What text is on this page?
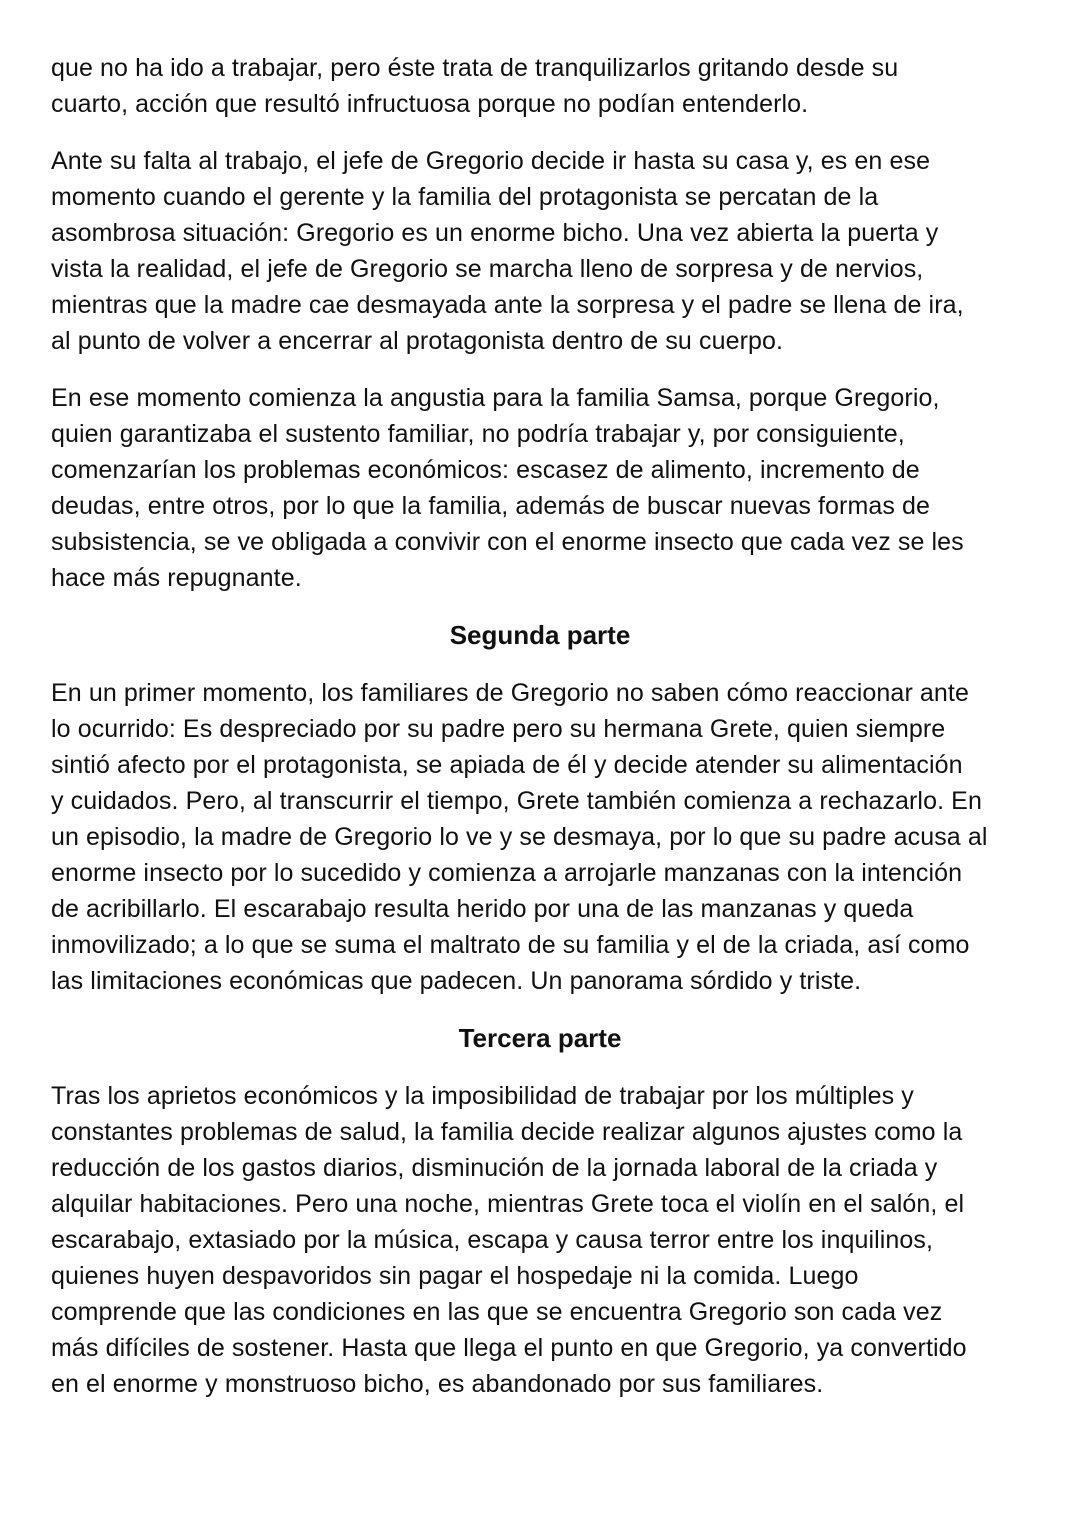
que no ha ido a trabajar, pero éste trata de tranquilizarlos gritando desde su
cuarto, acción que resultó infructuosa porque no podían entenderlo.

Ante su falta al trabajo, el jefe de Gregorio decide ir hasta su casa y, es en ese
momento cuando el gerente y la familia del protagonista se percatan de la
asombrosa situación: Gregorio es un enorme bicho. Una vez abierta la puerta y
vista la realidad, el jefe de Gregorio se marcha lleno de sorpresa y de nervios,
mientras que la madre cae desmayada ante la sorpresa y el padre se llena de ira,
al punto de volver a encerrar al protagonista dentro de su cuerpo.

En ese momento comienza la angustia para la familia Samsa, porque Gregorio,
quien garantizaba el sustento familiar, no podría trabajar y, por consiguiente,
comenzarían los problemas económicos: escasez de alimento, incremento de
deudas, entre otros, por lo que la familia, además de buscar nuevas formas de
subsistencia, se ve obligada a convivir con el enorme insecto que cada vez se les
hace más repugnante.

Segunda parte

En un primer momento, los familiares de Gregorio no saben cómo reaccionar ante
lo ocurrido: Es despreciado por su padre pero su hermana Grete, quien siempre
sintió afecto por el protagonista, se apiada de él y decide atender su alimentación
y cuidados. Pero, al transcurrir el tiempo, Grete también comienza a rechazarlo. En
un episodio, la madre de Gregorio lo ve y se desmaya, por lo que su padre acusa al
enorme insecto por lo sucedido y comienza a arrojarle manzanas con la intención
de acribillarlo. El escarabajo resulta herido por una de las manzanas y queda
inmovilizado; a lo que se suma el maltrato de su familia y el de la criada, así como
las limitaciones económicas que padecen. Un panorama sórdido y triste.

Tercera parte

Tras los aprietos económicos y la imposibilidad de trabajar por los múltiples y
constantes problemas de salud, la familia decide realizar algunos ajustes como la
reducción de los gastos diarios, disminución de la jornada laboral de la criada y
alquilar habitaciones. Pero una noche, mientras Grete toca el violín en el salón, el
escarabajo, extasiado por la música, escapa y causa terror entre los inquilinos,
quienes huyen despavoridos sin pagar el hospedaje ni la comida. Luego
comprende que las condiciones en las que se encuentra Gregorio son cada vez
más difíciles de sostener. Hasta que llega el punto en que Gregorio, ya convertido
en el enorme y monstruoso bicho, es abandonado por sus familiares.
